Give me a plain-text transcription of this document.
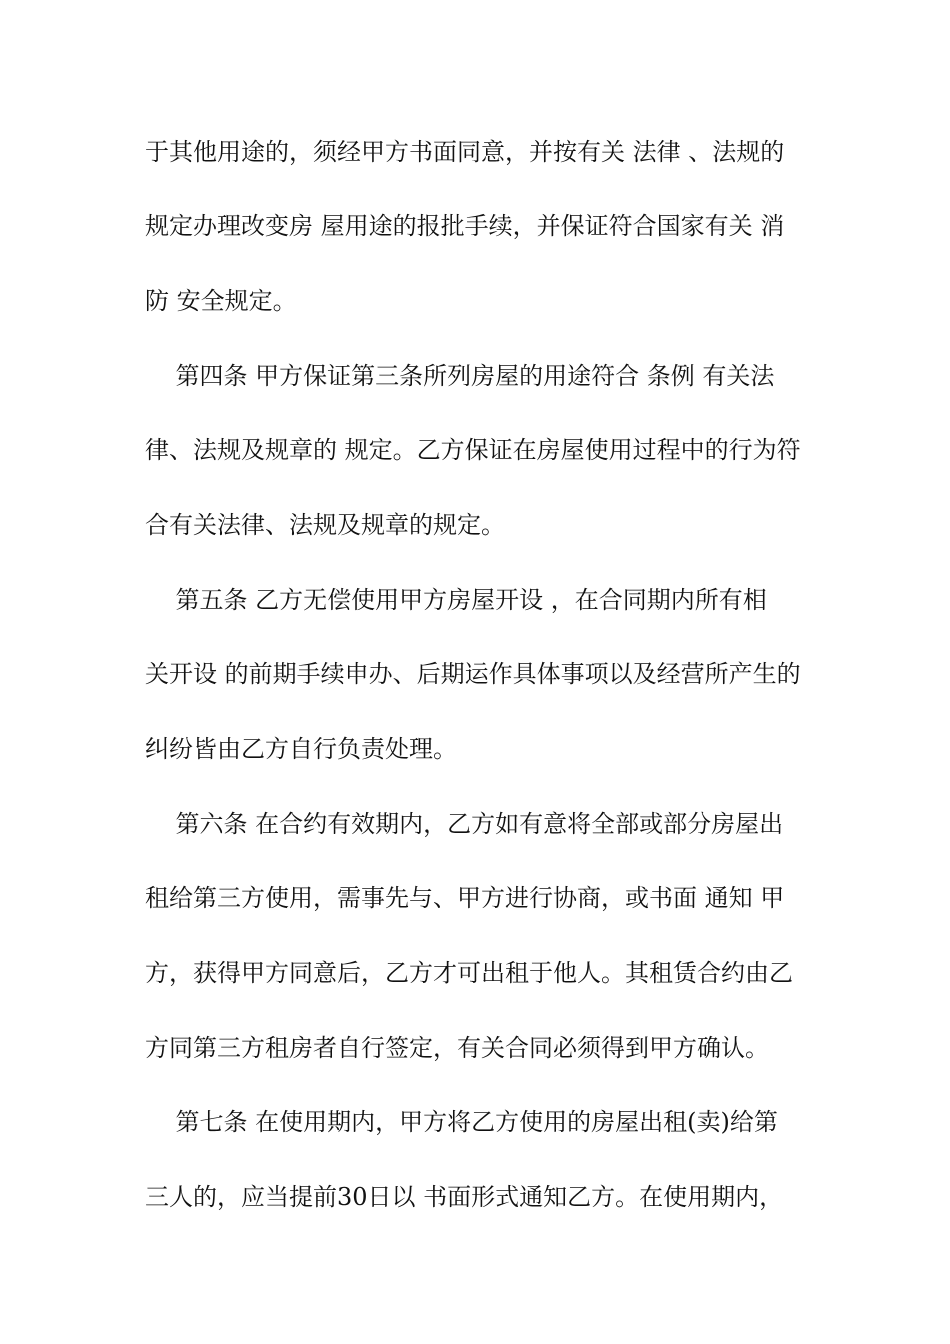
于其他用途的，须经甲方书面同意，并按有关 法律 、法规的
规定办理改变房 屋用途的报批手续，并保证符合国家有关 消
防 安全规定。
第四条 甲方保证第三条所列房屋的用途符合 条例 有关法
律、法规及规章的 规定。乙方保证在房屋使用过程中的行为符
合有关法律、法规及规章的规定。
第五条 乙方无偿使用甲方房屋开设 ，在合同期内所有相
关开设 的前期手续申办、后期运作具体事项以及经营所产生的
纠纷皆由乙方自行负责处理。
第六条 在合约有效期内，乙方如有意将全部或部分房屋出
租给第三方使用，需事先与、甲方进行协商，或书面 通知 甲
方，获得甲方同意后，乙方才可出租于他人。其租赁合约由乙
方同第三方租房者自行签定，有关合同必须得到甲方确认。
第七条 在使用期内，甲方将乙方使用的房屋出租(卖)给第
三人的，应当提前30日以 书面形式通知乙方。在使用期内，
